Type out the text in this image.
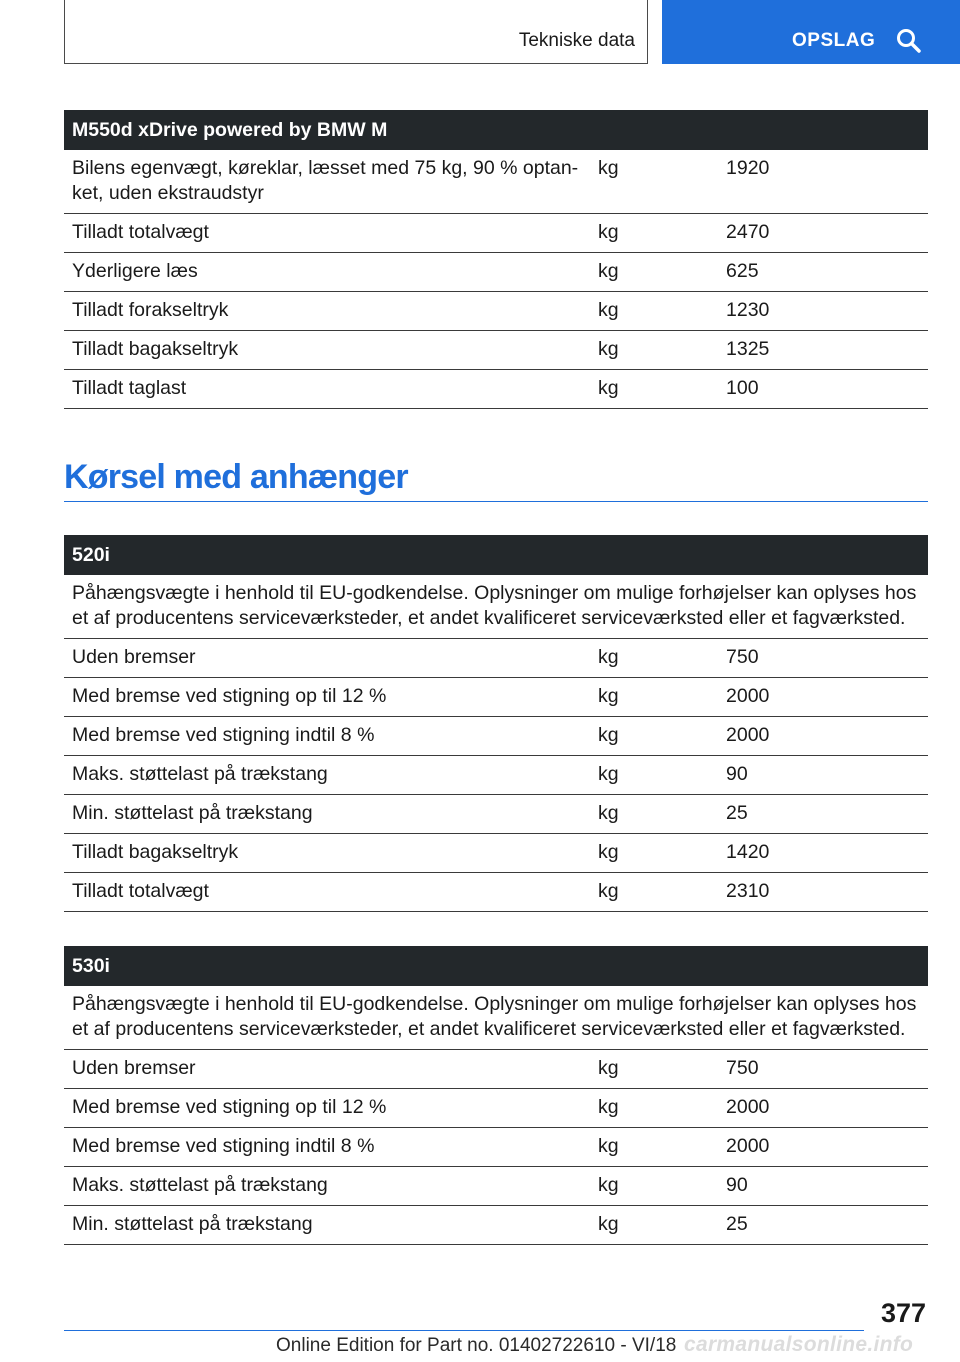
Tekniske data	OPSLAG
M550d xDrive powered by BMW M		
Bilens egenvægt, køreklar, læsset med 75 kg, 90 % optan-
ket, uden ekstraudstyr	kg	1920
Tilladt totalvægt	kg	2470
Yderligere læs	kg	625
Tilladt forakseltryk	kg	1230
Tilladt bagakseltryk	kg	1325
Tilladt taglast	kg	100
Kørsel med anhænger
520i		
Påhængsvægte i henhold til EU-godkendelse. Oplysninger om mulige forhøjelser kan oplyses hos et af producentens serviceværksteder, et andet kvalificeret serviceværksted eller et fagværksted.		
Uden bremser	kg	750
Med bremse ved stigning op til 12 %	kg	2000
Med bremse ved stigning indtil 8 %	kg	2000
Maks. støttelast på trækstang	kg	90
Min. støttelast på trækstang	kg	25
Tilladt bagakseltryk	kg	1420
Tilladt totalvægt	kg	2310
530i		
Påhængsvægte i henhold til EU-godkendelse. Oplysninger om mulige forhøjelser kan oplyses hos et af producentens serviceværksteder, et andet kvalificeret serviceværksted eller et fagværksted.		
Uden bremser	kg	750
Med bremse ved stigning op til 12 %	kg	2000
Med bremse ved stigning indtil 8 %	kg	2000
Maks. støttelast på trækstang	kg	90
Min. støttelast på trækstang	kg	25
377
Online Edition for Part no. 01402722610 - VI/18 carmanualsonline.info
